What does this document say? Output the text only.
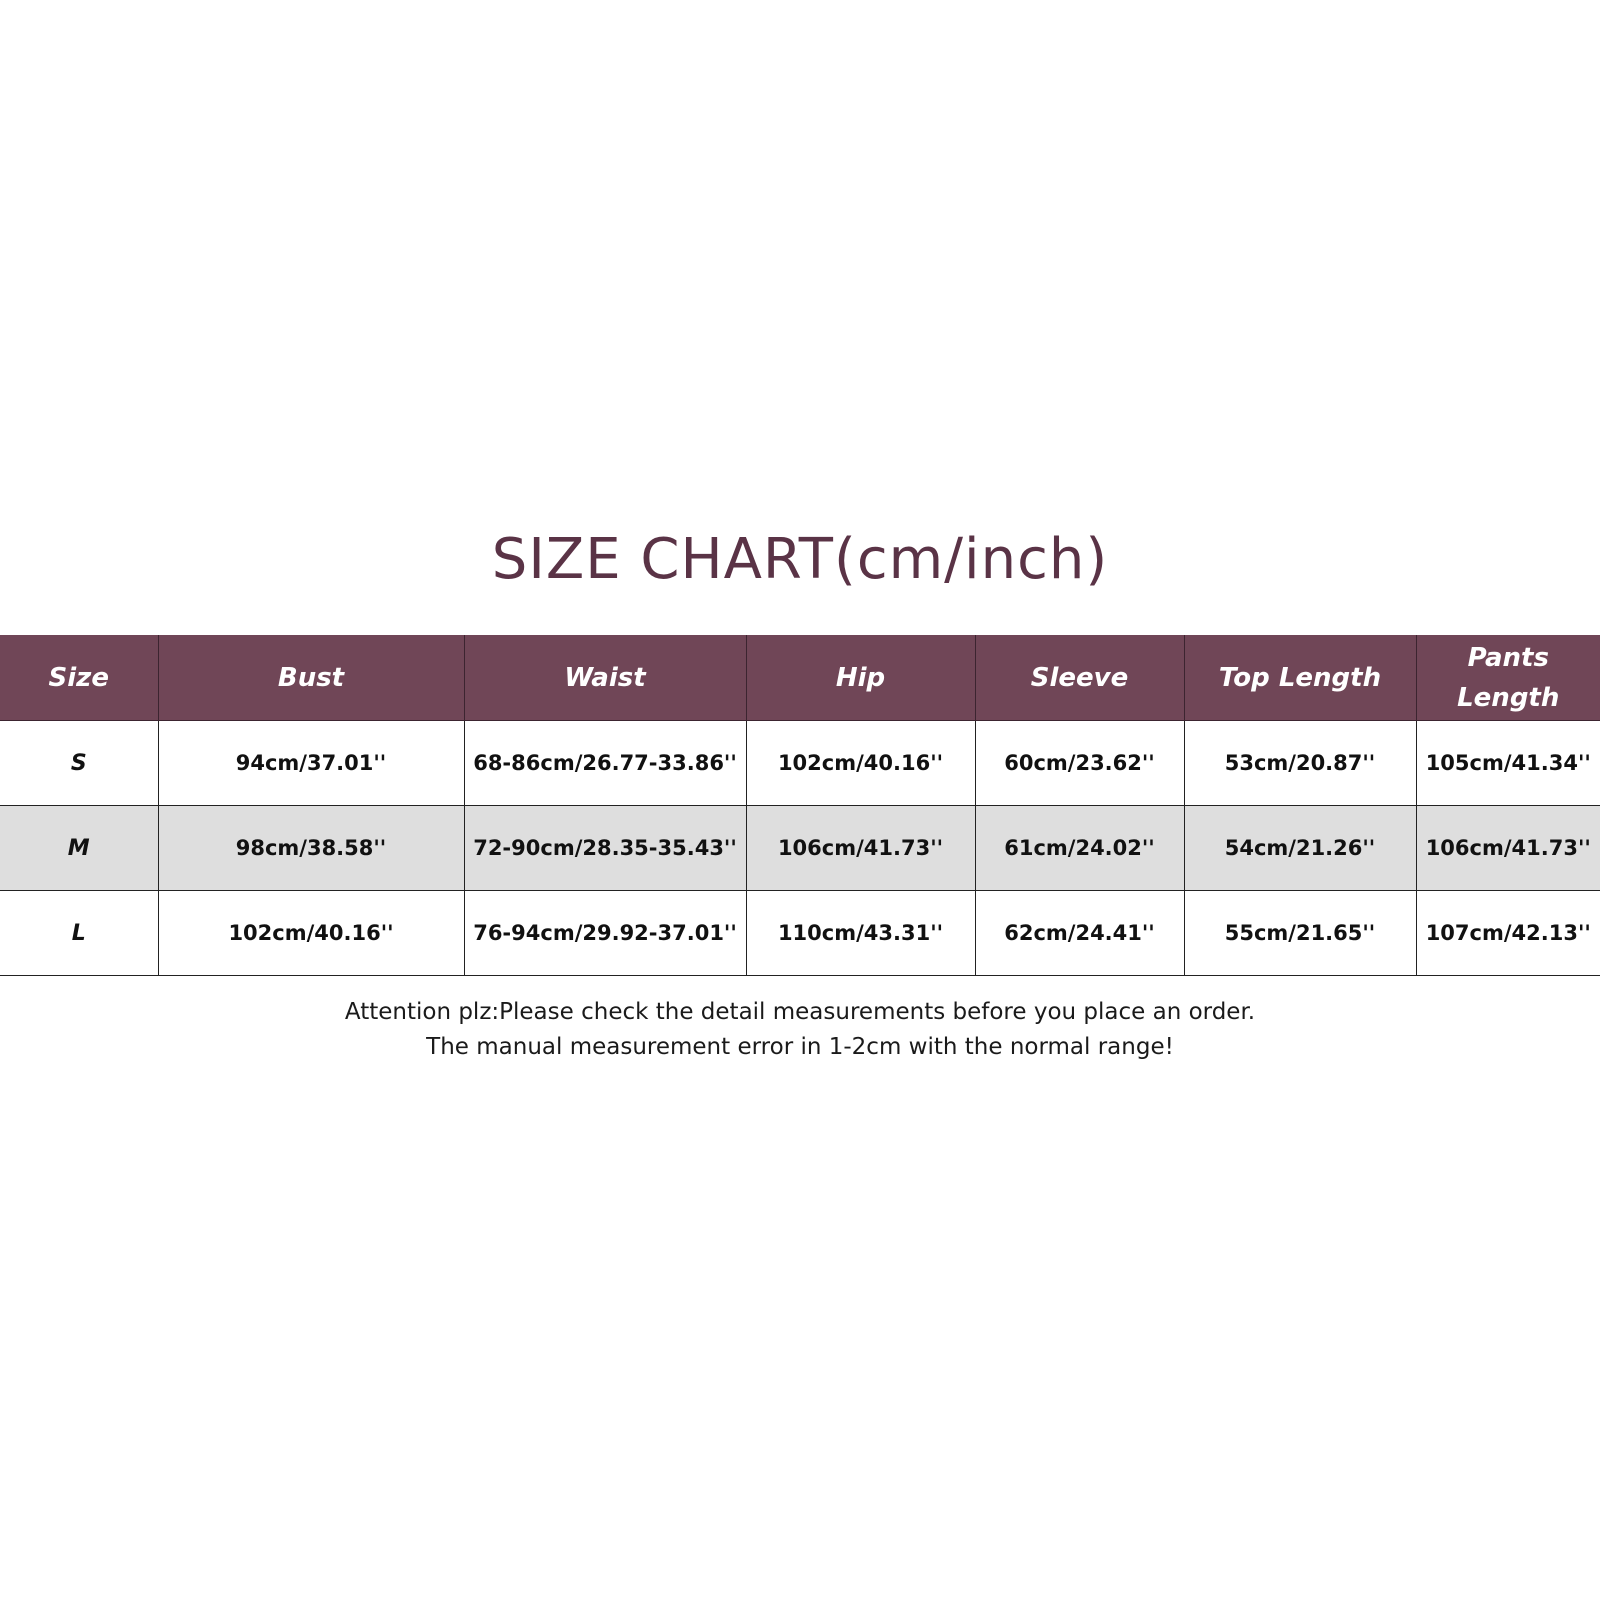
SIZE CHART(cm/inch)
Size	Bust	Waist	Hip	Sleeve	Top Length	Pants
Length

S	94cm/37.01''	68-86cm/26.77-33.86''	102cm/40.16''	60cm/23.62''	53cm/20.87''	105cm/41.34''
M	98cm/38.58''	72-90cm/28.35-35.43''	106cm/41.73''	61cm/24.02''	54cm/21.26''	106cm/41.73''
L	102cm/40.16''	76-94cm/29.92-37.01''	110cm/43.31''	62cm/24.41''	55cm/21.65''	107cm/42.13''
Attention plz:Please check the detail measurements before you place an order.
The manual measurement error in 1-2cm with the normal range!
